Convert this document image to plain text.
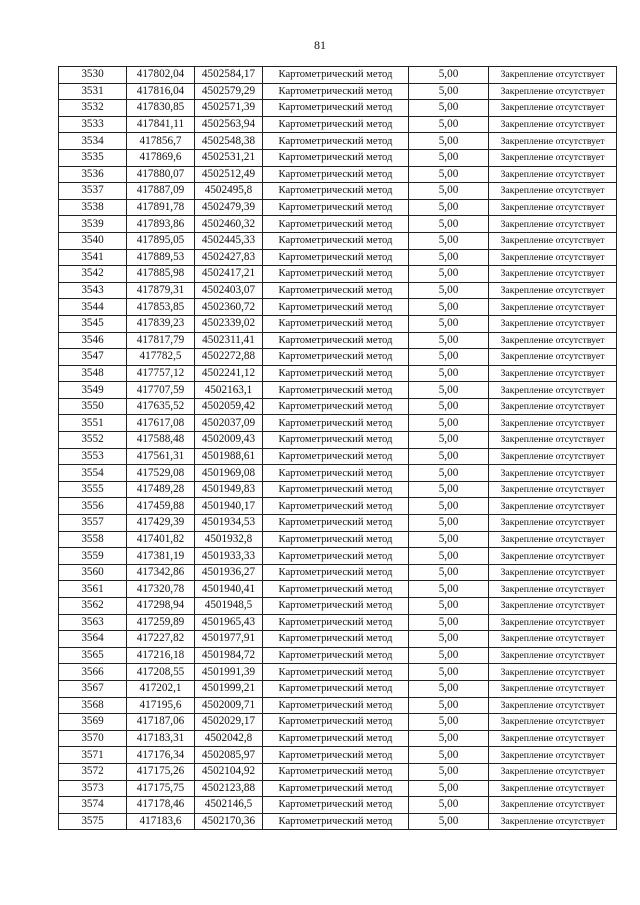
81
3530	417802,04	4502584,17	Картометрический метод	5,00	Закрепление отсутствует
3531	417816,04	4502579,29	Картометрический метод	5,00	Закрепление отсутствует
3532	417830,85	4502571,39	Картометрический метод	5,00	Закрепление отсутствует
3533	417841,11	4502563,94	Картометрический метод	5,00	Закрепление отсутствует
3534	417856,7	4502548,38	Картометрический метод	5,00	Закрепление отсутствует
3535	417869,6	4502531,21	Картометрический метод	5,00	Закрепление отсутствует
3536	417880,07	4502512,49	Картометрический метод	5,00	Закрепление отсутствует
3537	417887,09	4502495,8	Картометрический метод	5,00	Закрепление отсутствует
3538	417891,78	4502479,39	Картометрический метод	5,00	Закрепление отсутствует
3539	417893,86	4502460,32	Картометрический метод	5,00	Закрепление отсутствует
3540	417895,05	4502445,33	Картометрический метод	5,00	Закрепление отсутствует
3541	417889,53	4502427,83	Картометрический метод	5,00	Закрепление отсутствует
3542	417885,98	4502417,21	Картометрический метод	5,00	Закрепление отсутствует
3543	417879,31	4502403,07	Картометрический метод	5,00	Закрепление отсутствует
3544	417853,85	4502360,72	Картометрический метод	5,00	Закрепление отсутствует
3545	417839,23	4502339,02	Картометрический метод	5,00	Закрепление отсутствует
3546	417817,79	4502311,41	Картометрический метод	5,00	Закрепление отсутствует
3547	417782,5	4502272,88	Картометрический метод	5,00	Закрепление отсутствует
3548	417757,12	4502241,12	Картометрический метод	5,00	Закрепление отсутствует
3549	417707,59	4502163,1	Картометрический метод	5,00	Закрепление отсутствует
3550	417635,52	4502059,42	Картометрический метод	5,00	Закрепление отсутствует
3551	417617,08	4502037,09	Картометрический метод	5,00	Закрепление отсутствует
3552	417588,48	4502009,43	Картометрический метод	5,00	Закрепление отсутствует
3553	417561,31	4501988,61	Картометрический метод	5,00	Закрепление отсутствует
3554	417529,08	4501969,08	Картометрический метод	5,00	Закрепление отсутствует
3555	417489,28	4501949,83	Картометрический метод	5,00	Закрепление отсутствует
3556	417459,88	4501940,17	Картометрический метод	5,00	Закрепление отсутствует
3557	417429,39	4501934,53	Картометрический метод	5,00	Закрепление отсутствует
3558	417401,82	4501932,8	Картометрический метод	5,00	Закрепление отсутствует
3559	417381,19	4501933,33	Картометрический метод	5,00	Закрепление отсутствует
3560	417342,86	4501936,27	Картометрический метод	5,00	Закрепление отсутствует
3561	417320,78	4501940,41	Картометрический метод	5,00	Закрепление отсутствует
3562	417298,94	4501948,5	Картометрический метод	5,00	Закрепление отсутствует
3563	417259,89	4501965,43	Картометрический метод	5,00	Закрепление отсутствует
3564	417227,82	4501977,91	Картометрический метод	5,00	Закрепление отсутствует
3565	417216,18	4501984,72	Картометрический метод	5,00	Закрепление отсутствует
3566	417208,55	4501991,39	Картометрический метод	5,00	Закрепление отсутствует
3567	417202,1	4501999,21	Картометрический метод	5,00	Закрепление отсутствует
3568	417195,6	4502009,71	Картометрический метод	5,00	Закрепление отсутствует
3569	417187,06	4502029,17	Картометрический метод	5,00	Закрепление отсутствует
3570	417183,31	4502042,8	Картометрический метод	5,00	Закрепление отсутствует
3571	417176,34	4502085,97	Картометрический метод	5,00	Закрепление отсутствует
3572	417175,26	4502104,92	Картометрический метод	5,00	Закрепление отсутствует
3573	417175,75	4502123,88	Картометрический метод	5,00	Закрепление отсутствует
3574	417178,46	4502146,5	Картометрический метод	5,00	Закрепление отсутствует
3575	417183,6	4502170,36	Картометрический метод	5,00	Закрепление отсутствует
